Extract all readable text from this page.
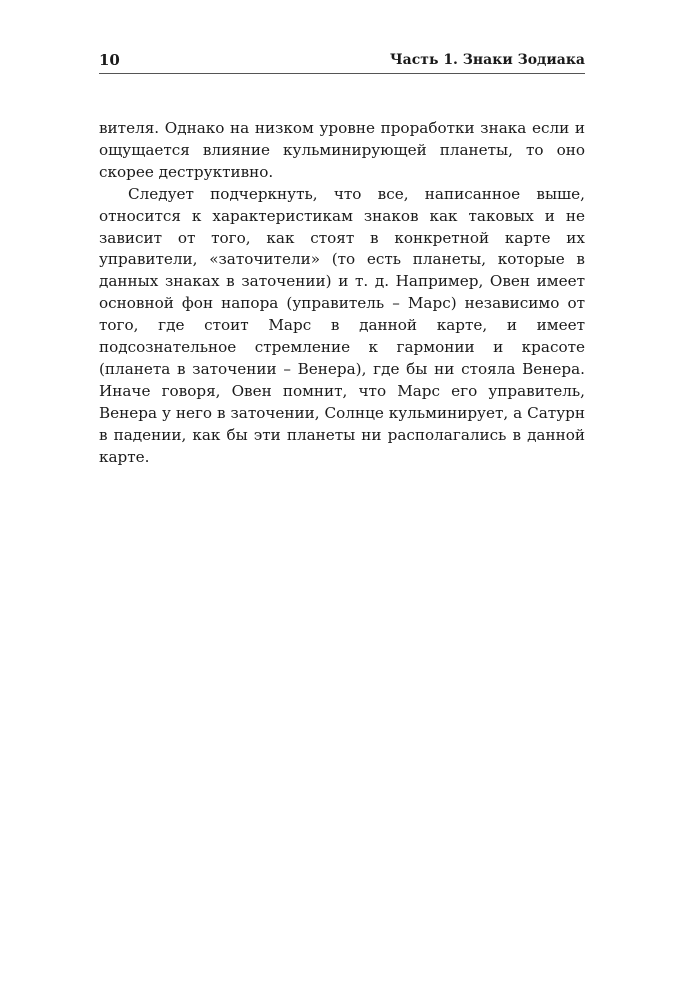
10	Часть 1. Знаки Зодиака

вителя. Однако на низком уровне проработки знака если и ощущается влияние кульминирующей планеты, то оно скорее деструктивно.

Следует подчеркнуть, что все, написанное выше, относится к характеристикам знаков как таковых и не зависит от того, как стоят в конкретной карте их управители, «заточители» (то есть планеты, которые в данных знаках в заточении) и т. д. Например, Овен имеет основной фон напора (управитель – Марс) независимо от того, где стоит Марс в данной карте, и имеет подсознательное стремление к гармонии и красоте (планета в заточении – Венера), где бы ни стояла Венера. Иначе говоря, Овен помнит, что Марс его управитель, Венера у него в заточении, Солнце кульминирует, а Сатурн в падении, как бы эти планеты ни располагались в данной карте.
